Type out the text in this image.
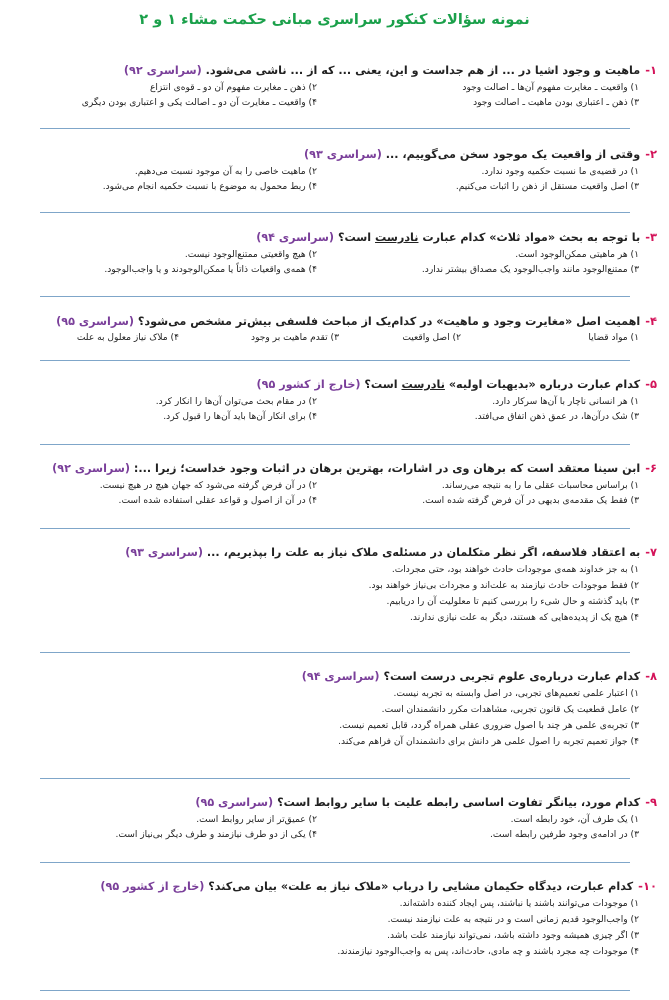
نمونه سؤالات کنکور سراسری مبانی حکمت مشاء ۱ و ۲
۱-ماهیت و وجود اشیا در ... از هم جداست و این، یعنی ... که از ... ناشی می‌شود. (سراسری ۹۲)
۱) واقعیت ـ مغایرت مفهوم آن‌ها ـ اصالت وجود
۲) ذهن ـ مغایرت مفهوم آن دو ـ قوه‌ی انتزاع
۳) ذهن ـ اعتباری بودن ماهیت ـ اصالت وجود
۴) واقعیت ـ مغایرت آن دو ـ اصالت یکی و اعتباری بودن دیگری
۲-وقتی از واقعیت یک موجود سخن می‌گوییم، ... (سراسری ۹۳)
۱) در قضیه‌ی ما نسبت حکمیه وجود ندارد.
۲) ماهیت خاصی را به آن موجود نسبت می‌دهیم.
۳) اصل واقعیت مستقل از ذهن را اثبات می‌کنیم.
۴) ربط محمول به موضوع با نسبت حکمیه انجام می‌شود.
۳-با توجه به بحث «مواد ثلاث» کدام عبارت نادرست است؟ (سراسری ۹۴)
۱) هر ماهیتی ممکن‌الوجود است.
۲) هیچ واقعیتی ممتنع‌الوجود نیست.
۳) ممتنع‌الوجود مانند واجب‌الوجود یک مصداق بیشتر ندارد.
۴) همه‌ی واقعیات ذاتاً یا ممکن‌الوجودند و یا واجب‌الوجود.
۴-اهمیت اصل «مغایرت وجود و ماهیت» در کدام‌یک از مباحث فلسفی بیش‌تر مشخص می‌شود؟ (سراسری ۹۵)
۱) مواد قضایا
۲) اصل واقعیت
۳) تقدم ماهیت بر وجود
۴) ملاک نیاز معلول به علت
۵-کدام عبارت درباره «بدیهیات اولیه» نادرست است؟ (خارج از کشور ۹۵)
۱) هر انسانی ناچار با آن‌ها سرکار دارد.
۲) در مقام بحث می‌توان آن‌ها را انکار کرد.
۳) شک درآن‌ها، در عمق ذهن اتفاق می‌افتد.
۴) برای انکار آن‌ها باید آن‌ها را قبول کرد.
۶-ابن سینا معتقد است که برهان وی در اشارات، بهترین برهان در اثبات وجود خداست؛ زیرا ...: (سراسری ۹۲)
۱) براساس محاسبات عقلی ما را به نتیجه می‌رساند.
۲) در آن فرض گرفته می‌شود که جهان هیچ در هیچ نیست.
۳) فقط یک مقدمه‌ی بدیهی در آن فرض گرفته شده است.
۴) در آن از اصول و قواعد عقلی استفاده شده است.
۷-به اعتقاد فلاسفه، اگر نظر متکلمان در مسئله‌ی ملاک نیاز به علت را بپذیریم، ... (سراسری ۹۳)
۱) به جز خداوند همه‌ی موجودات حادث خواهند بود، حتی مجردات.
۲) فقط موجودات حادث نیازمند به علت‌اند و مجردات بی‌نیاز خواهند بود.
۳) باید گذشته و حال شیء را بررسی کنیم تا معلولیت آن را دریابیم.
۴) هیچ یک از پدیده‌هایی که هستند، دیگر به علت نیازی ندارند.
۸-کدام عبارت درباره‌ی علوم تجربی درست است؟ (سراسری ۹۴)
۱) اعتبار علمی تعمیم‌های تجربی، در اصل وابسته به تجربه نیست.
۲) عامل قطعیت یک قانون تجربی، مشاهدات مکرر دانشمندان است.
۳) تجربه‌ی علمی هر چند با اصول ضروری عقلی همراه گردد، قابل تعمیم نیست.
۴) جواز تعمیم تجربه را اصول علمی هر دانش برای دانشمندان آن فراهم می‌کند.
۹-کدام مورد، بیانگر تفاوت اساسی رابطه علیت با سایر روابط است؟ (سراسری ۹۵)
۱) یک طرف آن، خود رابطه است.
۲) عمیق‌تر از سایر روابط است.
۳) در ادامه‌ی وجود طرفین رابطه است.
۴) یکی از دو طرف نیازمند و طرف دیگر بی‌نیاز است.
۱۰-کدام عبارت، دیدگاه حکیمان مشایی را درباب «ملاک نیاز به علت» بیان می‌کند؟ (خارج از کشور ۹۵)
۱) موجودات می‌توانند باشند یا نباشند، پس ایجاد کننده داشته‌اند.
۲) واجب‌الوجود قدیم زمانی است و در نتیجه به علت نیازمند نیست.
۳) اگر چیزی همیشه وجود داشته باشد، نمی‌تواند نیازمند علت باشد.
۴) موجودات چه مجرد باشند و چه مادی، حادث‌اند، پس به واجب‌الوجود نیازمندند.
